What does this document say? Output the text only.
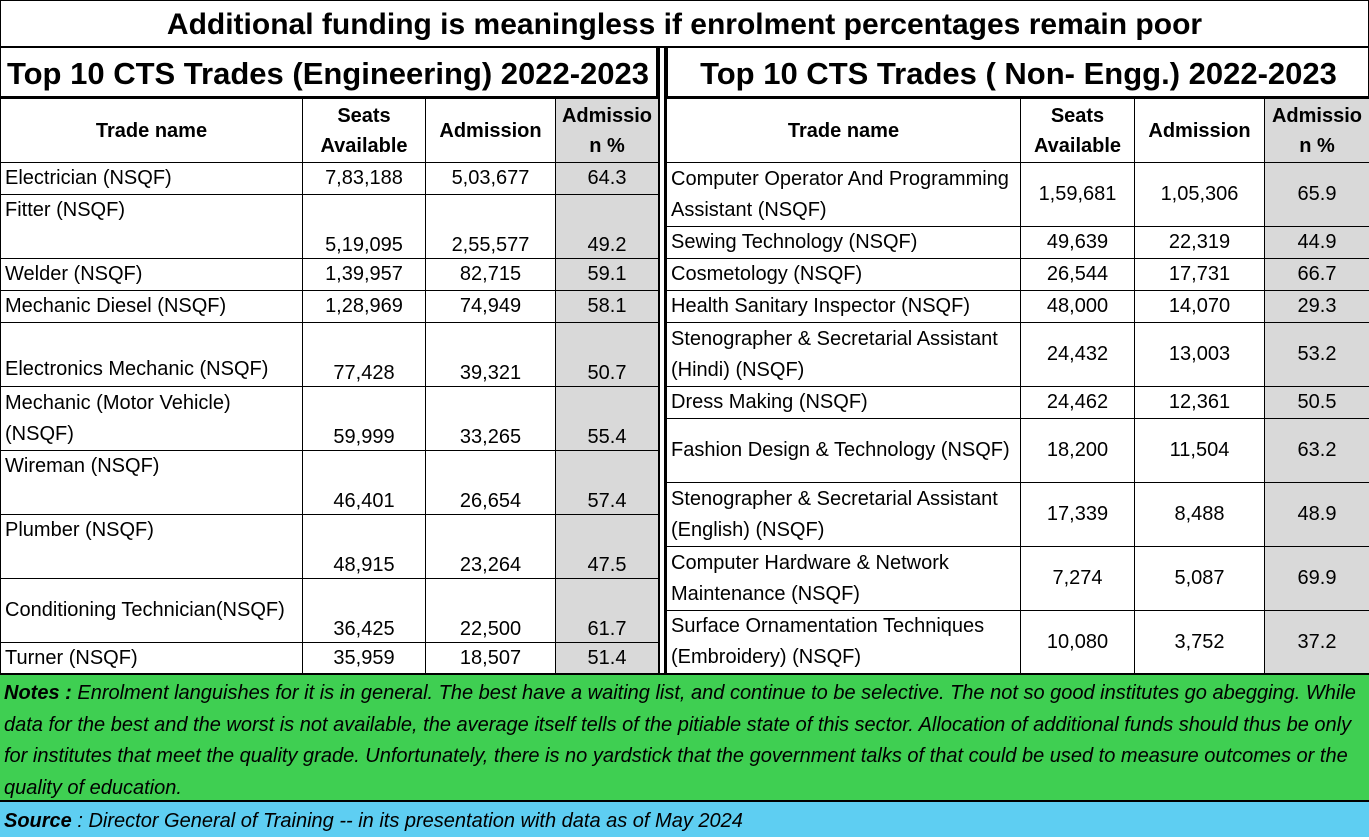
Additional funding is meaningless if enrolment percentages remain poor
Top 10 CTS Trades (Engineering) 2022-2023
Trade name	Seats Available	Admission	Admissio
n %

Electrician (NSQF)	7,83,188	5,03,677	64.3
Fitter (NSQF)	5,19,095	2,55,577	49.2
Welder (NSQF)	1,39,957	82,715	59.1
Mechanic Diesel (NSQF)	1,28,969	74,949	58.1
Electronics Mechanic (NSQF)	77,428	39,321	50.7
Mechanic (Motor Vehicle) (NSQF)	59,999	33,265	55.4
Wireman (NSQF)	46,401	26,654	57.4
Plumber (NSQF)	48,915	23,264	47.5
Conditioning Technician(NSQF)	36,425	22,500	61.7
Turner (NSQF)	35,959	18,507	51.4
Top 10 CTS Trades ( Non- Engg.) 2022-2023
Trade name	Seats Available	Admission	Admissio
n %

Computer Operator And Programming Assistant (NSQF)	1,59,681	1,05,306	65.9
Sewing Technology (NSQF)	49,639	22,319	44.9
Cosmetology (NSQF)	26,544	17,731	66.7
Health Sanitary Inspector (NSQF)	48,000	14,070	29.3
Stenographer & Secretarial Assistant (Hindi) (NSQF)	24,432	13,003	53.2
Dress Making (NSQF)	24,462	12,361	50.5
Fashion Design & Technology (NSQF)	18,200	11,504	63.2
Stenographer & Secretarial Assistant (English) (NSQF)	17,339	8,488	48.9
Computer Hardware & Network Maintenance (NSQF)	7,274	5,087	69.9
Surface Ornamentation Techniques (Embroidery) (NSQF)	10,080	3,752	37.2
Notes : Enrolment languishes for it is in general. The best have a waiting list, and continue to be selective. The not so good institutes go abegging. While data for the best and the worst is not available, the average itself tells of the pitiable state of this sector. Allocation of additional funds should thus be only for institutes that meet the quality grade. Unfortunately, there is no yardstick that the government talks of that could be used to measure outcomes or the quality of education.
Source : Director General of Training -- in its presentation with data as of May 2024
